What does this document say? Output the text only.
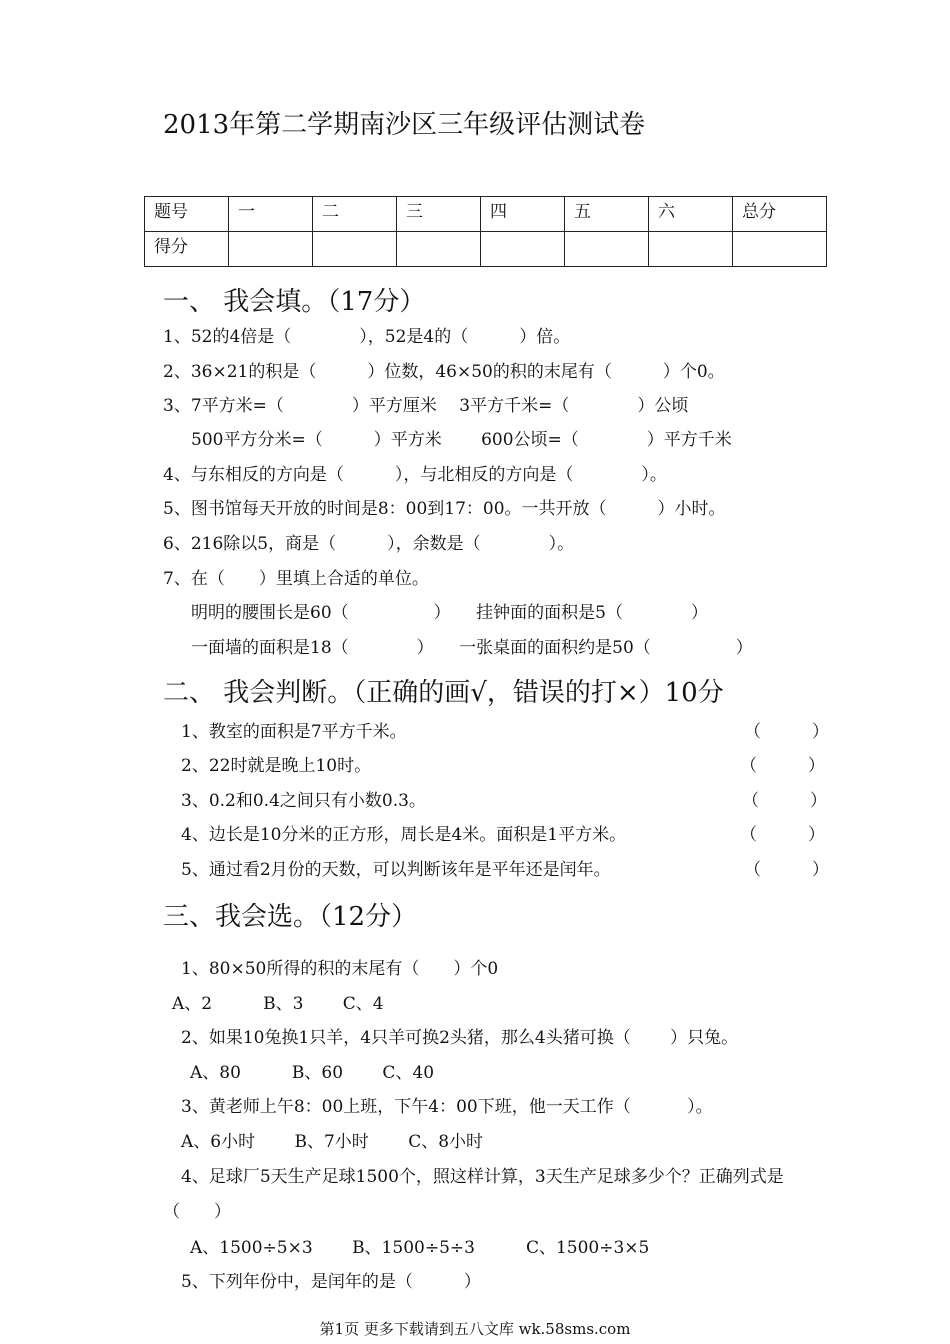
2013年第二学期南沙区三年级评估测试卷
题号	一	二	三	四	五	六	总分
得分							
一、 我会填。（17分）
1、52的4倍是（　　　　），52是4的（　　　）倍。
2、36×21的积是（　　　）位数，46×50的积的末尾有（　　　）个0。
3、7平方米=（　　　　）平方厘米　 3平方千米=（　　　　）公顷
500平方分米=（　　　）平方米　　 600公顷=（　　　　）平方千米
4、与东相反的方向是（　　　），与北相反的方向是（　　　　）。
5、图书馆每天开放的时间是8：00到17：00。一共开放（　　　）小时。
6、216除以5，商是（　　　），余数是（　　　　）。
7、在（　　）里填上合适的单位。
明明的腰围长是60（　　　　　）　　挂钟面的面积是5（　　　　）
一面墙的面积是18（　　　　）　　一张桌面的面积约是50（　　　　　）
二、 我会判断。（正确的画√，错误的打×）10分
1、教室的面积是7平方千米。	（　　　）
2、22时就是晚上10时。	（　　　）
3、0.2和0.4之间只有小数0.3。	（　　　）
4、边长是10分米的正方形，周长是4米。面积是1平方米。	（　　　）
5、通过看2月份的天数，可以判断该年是平年还是闰年。	（　　　）
三、我会选。（12分）
1、80×50所得的积的末尾有（　　）个0
A、2　　　B、3　　 C、4
2、如果10兔换1只羊，4只羊可换2头猪，那么4头猪可换（　　 ）只兔。
A、80　　　B、60　　 C、40
3、黄老师上午8：00上班，下午4：00下班，他一天工作（　　　 ）。
A、6小时　　 B、7小时　　 C、8小时
4、足球厂5天生产足球1500个，照这样计算，3天生产足球多少个？正确列式是
（　　）
A、1500÷5×3　　 B、1500÷5÷3　　　C、1500÷3×5
5、下列年份中，是闰年的是（　　　）
第1页 更多下载请到五八文库 wk.58sms.com
